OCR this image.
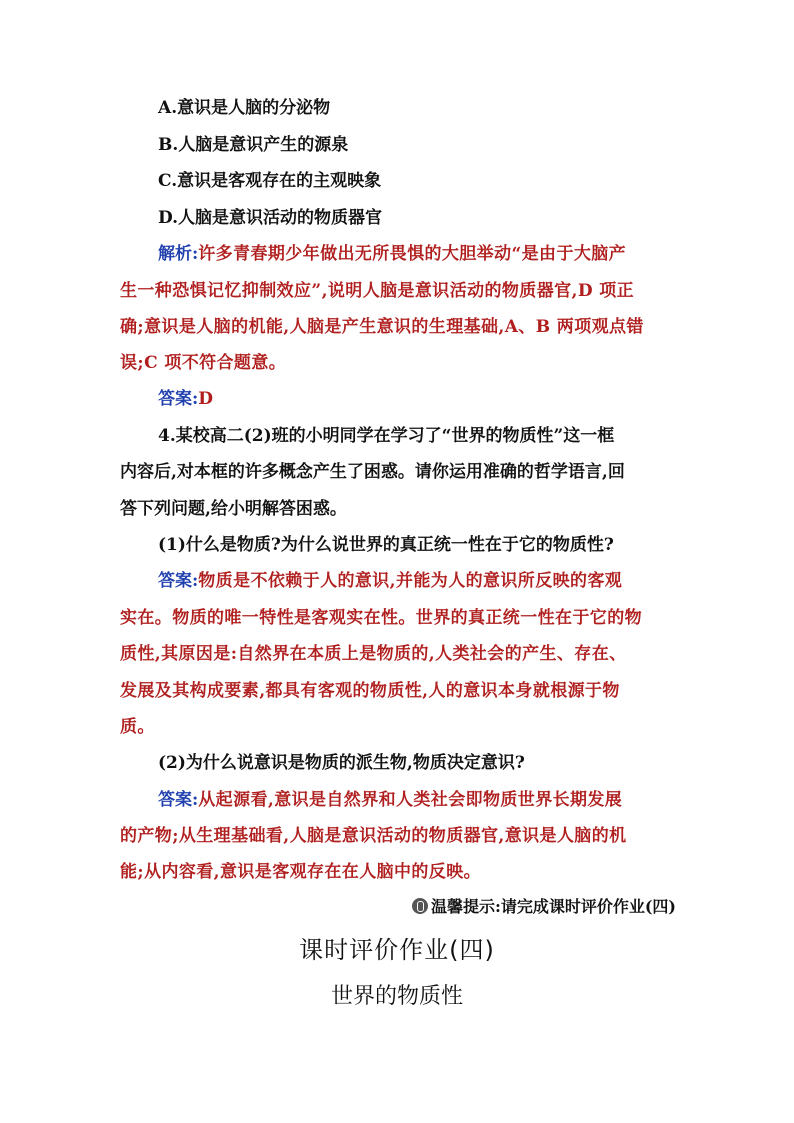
A.意识是人脑的分泌物
B.人脑是意识产生的源泉
C.意识是客观存在的主观映象
D.人脑是意识活动的物质器官
解析:许多青春期少年做出无所畏惧的大胆举动“是由于大脑产
生一种恐惧记忆抑制效应”,说明人脑是意识活动的物质器官,D 项正
确;意识是人脑的机能,人脑是产生意识的生理基础,A、B 两项观点错
误;C 项不符合题意。
答案:D
4.某校高二(2)班的小明同学在学习了“世界的物质性”这一框
内容后,对本框的许多概念产生了困惑。请你运用准确的哲学语言,回
答下列问题,给小明解答困惑。
(1)什么是物质?为什么说世界的真正统一性在于它的物质性?
答案:物质是不依赖于人的意识,并能为人的意识所反映的客观
实在。物质的唯一特性是客观实在性。世界的真正统一性在于它的物
质性,其原因是:自然界在本质上是物质的,人类社会的产生、存在、
发展及其构成要素,都具有客观的物质性,人的意识本身就根源于物
质。
(2)为什么说意识是物质的派生物,物质决定意识?
答案:从起源看,意识是自然界和人类社会即物质世界长期发展
的产物;从生理基础看,人脑是意识活动的物质器官,意识是人脑的机
能;从内容看,意识是客观存在在人脑中的反映。
温馨提示:请完成课时评价作业(四)
课时评价作业(四)
世界的物质性
